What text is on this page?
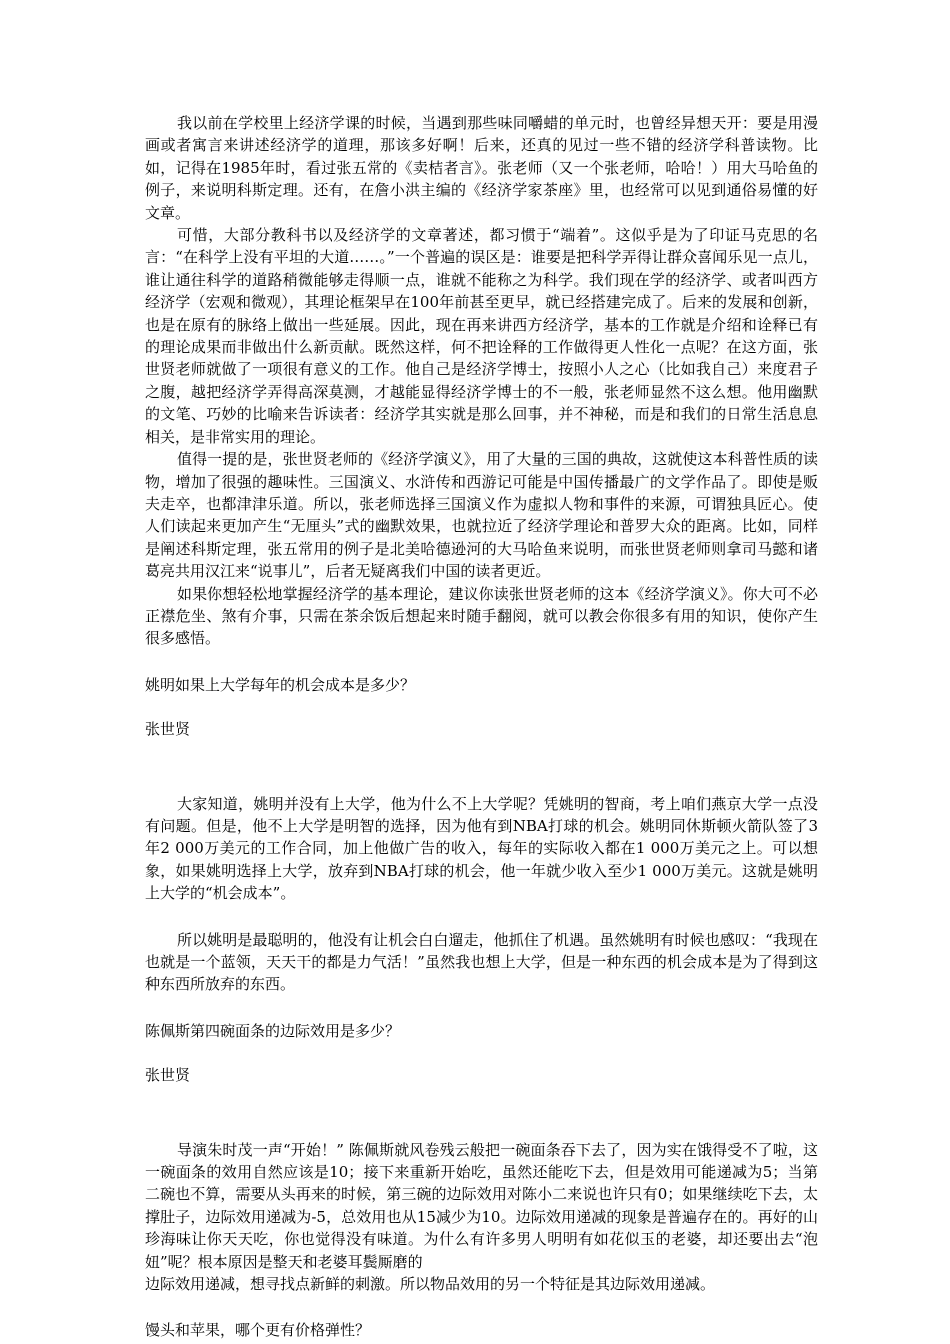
我以前在学校里上经济学课的时候，当遇到那些味同嚼蜡的单元时，也曾经异想天开：要是用漫画或者寓言来讲述经济学的道理，那该多好啊！后来，还真的见过一些不错的经济学科普读物。比如，记得在1985年时，看过张五常的《卖桔者言》。张老师（又一个张老师，哈哈！）用大马哈鱼的例子，来说明科斯定理。还有，在詹小洪主编的《经济学家茶座》里，也经常可以见到通俗易懂的好文章。

可惜，大部分教科书以及经济学的文章著述，都习惯于“端着”。这似乎是为了印证马克思的名言：“在科学上没有平坦的大道……。”一个普遍的误区是：谁要是把科学弄得让群众喜闻乐见一点儿，谁让通往科学的道路稍微能够走得顺一点，谁就不能称之为科学。我们现在学的经济学、或者叫西方经济学（宏观和微观），其理论框架早在100年前甚至更早，就已经搭建完成了。后来的发展和创新，也是在原有的脉络上做出一些延展。因此，现在再来讲西方经济学，基本的工作就是介绍和诠释已有的理论成果而非做出什么新贡献。既然这样，何不把诠释的工作做得更人性化一点呢？在这方面，张世贤老师就做了一项很有意义的工作。他自己是经济学博士，按照小人之心（比如我自己）来度君子之腹，越把经济学弄得高深莫测，才越能显得经济学博士的不一般，张老师显然不这么想。他用幽默的文笔、巧妙的比喻来告诉读者：经济学其实就是那么回事，并不神秘，而是和我们的日常生活息息相关，是非常实用的理论。

值得一提的是，张世贤老师的《经济学演义》，用了大量的三国的典故，这就使这本科普性质的读物，增加了很强的趣味性。三国演义、水浒传和西游记可能是中国传播最广的文学作品了。即使是贩夫走卒，也都津津乐道。所以，张老师选择三国演义作为虚拟人物和事件的来源，可谓独具匠心。使人们读起来更加产生“无厘头”式的幽默效果，也就拉近了经济学理论和普罗大众的距离。比如，同样是阐述科斯定理，张五常用的例子是北美哈德逊河的大马哈鱼来说明，而张世贤老师则拿司马懿和诸葛亮共用汉江来“说事儿”，后者无疑离我们中国的读者更近。

如果你想轻松地掌握经济学的基本理论，建议你读张世贤老师的这本《经济学演义》。你大可不必正襟危坐、煞有介事，只需在茶余饭后想起来时随手翻阅，就可以教会你很多有用的知识，使你产生很多感悟。

姚明如果上大学每年的机会成本是多少？

张世贤

大家知道，姚明并没有上大学，他为什么不上大学呢？凭姚明的智商，考上咱们燕京大学一点没有问题。但是，他不上大学是明智的选择，因为他有到NBA打球的机会。姚明同休斯顿火箭队签了3年2 000万美元的工作合同，加上他做广告的收入，每年的实际收入都在1 000万美元之上。可以想象，如果姚明选择上大学，放弃到NBA打球的机会，他一年就少收入至少1 000万美元。这就是姚明上大学的“机会成本”。

所以姚明是最聪明的，他没有让机会白白遛走，他抓住了机遇。虽然姚明有时候也感叹：“我现在也就是一个蓝领，天天干的都是力气活！”虽然我也想上大学，但是一种东西的机会成本是为了得到这种东西所放弃的东西。

陈佩斯第四碗面条的边际效用是多少？

张世贤

导演朱时茂一声“开始！” 陈佩斯就风卷残云般把一碗面条吞下去了，因为实在饿得受不了啦，这一碗面条的效用自然应该是10；接下来重新开始吃，虽然还能吃下去，但是效用可能递减为5；当第二碗也不算，需要从头再来的时候，第三碗的边际效用对陈小二来说也许只有0；如果继续吃下去，太撑肚子，边际效用递减为-5，总效用也从15减少为10。边际效用递减的现象是普遍存在的。再好的山珍海味让你天天吃，你也觉得没有味道。为什么有许多男人明明有如花似玉的老婆，却还要出去“泡妞”呢？根本原因是整天和老婆耳鬓厮磨的

边际效用递减，想寻找点新鲜的刺激。所以物品效用的另一个特征是其边际效用递减。

馒头和苹果，哪个更有价格弹性？
